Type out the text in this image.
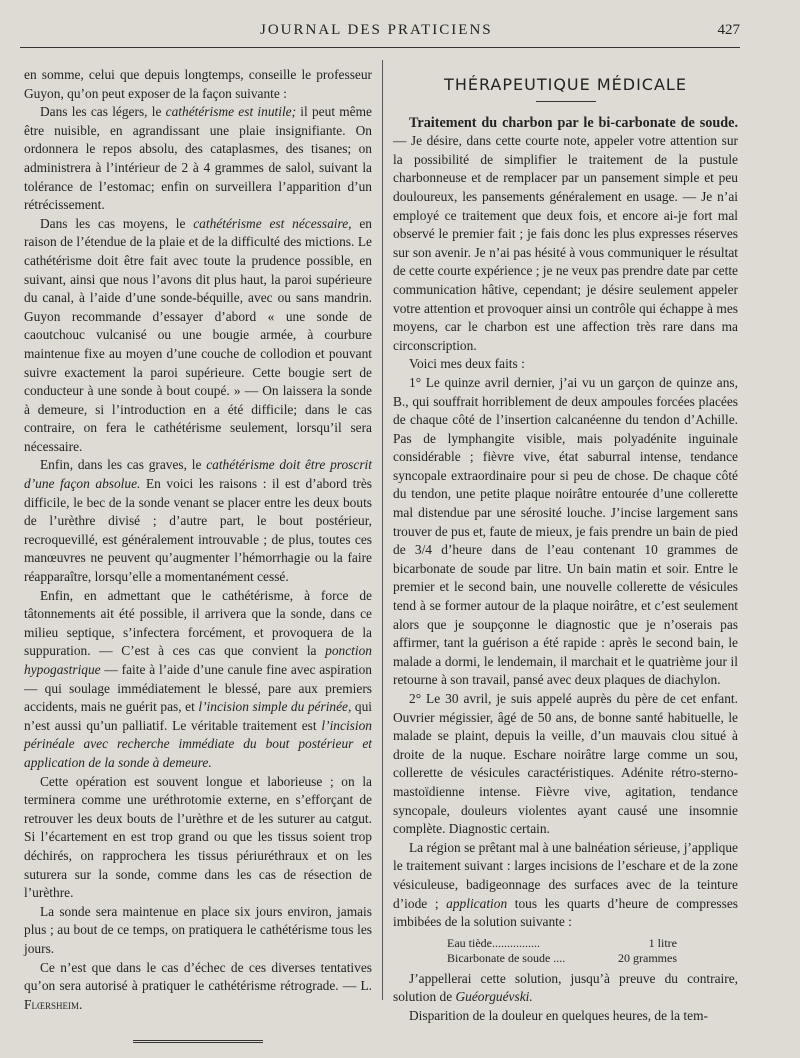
JOURNAL DES PRATICIENS	427

en somme, celui que depuis longtemps, conseille le professeur Guyon, qu’on peut exposer de la façon suivante :

Dans les cas légers, le cathétérisme est inutile; il peut même être nuisible, en agrandissant une plaie insignifiante. On ordonnera le repos absolu, des cataplasmes, des tisanes; on administrera à l’intérieur de 2 à 4 grammes de salol, suivant la tolérance de l’estomac; enfin on surveillera l’apparition d’un rétrécissement.

Dans les cas moyens, le cathétérisme est nécessaire, en raison de l’étendue de la plaie et de la difficulté des mictions. Le cathétérisme doit être fait avec toute la prudence possible, en suivant, ainsi que nous l’avons dit plus haut, la paroi supérieure du canal, à l’aide d’une sonde-béquille, avec ou sans mandrin. Guyon recommande d’essayer d’abord « une sonde de caoutchouc vulcanisé ou une bougie armée, à courbure maintenue fixe au moyen d’une couche de collodion et pouvant suivre exactement la paroi supérieure. Cette bougie sert de conducteur à une sonde à bout coupé. » — On laissera la sonde à demeure, si l’introduction en a été difficile; dans le cas contraire, on fera le cathétérisme seulement, lorsqu’il sera nécessaire.

Enfin, dans les cas graves, le cathétérisme doit être proscrit d’une façon absolue. En voici les raisons : il est d’abord très difficile, le bec de la sonde venant se placer entre les deux bouts de l’urèthre divisé ; d’autre part, le bout postérieur, recroquevillé, est généralement introuvable ; de plus, toutes ces manœuvres ne peuvent qu’augmenter l’hémorrhagie ou la faire réapparaître, lorsqu’elle a momentanément cessé.

Enfin, en admettant que le cathétérisme, à force de tâtonnements ait été possible, il arrivera que la sonde, dans ce milieu septique, s’infectera forcément, et provoquera de la suppuration. — C’est à ces cas que convient la ponction hypogastrique — faite à l’aide d’une canule fine avec aspiration — qui soulage immédiatement le blessé, pare aux premiers accidents, mais ne guérit pas, et l’incision simple du périnée, qui n’est aussi qu’un palliatif. Le véritable traitement est l’incision périnéale avec recherche immédiate du bout postérieur et application de la sonde à demeure.

Cette opération est souvent longue et laborieuse ; on la terminera comme une uréthrotomie externe, en s’efforçant de retrouver les deux bouts de l’urèthre et de les suturer au catgut. Si l’écartement en est trop grand ou que les tissus soient trop déchirés, on rapprochera les tissus périuréthraux et on les suturera sur la sonde, comme dans les cas de résection de l’urèthre.

La sonde sera maintenue en place six jours environ, jamais plus ; au bout de ce temps, on pratiquera le cathétérisme tous les jours.

Ce n’est que dans le cas d’échec de ces diverses tentatives qu’on sera autorisé à pratiquer le cathétérisme rétrograde. — L. Flœrsheim.

THÉRAPEUTIQUE MÉDICALE

Traitement du charbon par le bi-carbonate de soude. — Je désire, dans cette courte note, appeler votre attention sur la possibilité de simplifier le traitement de la pustule charbonneuse et de remplacer par un pansement simple et peu douloureux, les pansements généralement en usage. — Je n’ai employé ce traitement que deux fois, et encore ai-je fort mal observé le premier fait ; je fais donc les plus expresses réserves sur son avenir. Je n’ai pas hésité à vous communiquer le résultat de cette courte expérience ; je ne veux pas prendre date par cette communication hâtive, cependant; je désire seulement appeler votre attention et provoquer ainsi un contrôle qui échappe à mes moyens, car le charbon est une affection très rare dans ma circonscription.

Voici mes deux faits :

1° Le quinze avril dernier, j’ai vu un garçon de quinze ans, B., qui souffrait horriblement de deux ampoules forcées placées de chaque côté de l’insertion calcanéenne du tendon d’Achille. Pas de lymphangite visible, mais polyadénite inguinale considérable ; fièvre vive, état saburral intense, tendance syncopale extraordinaire pour si peu de chose. De chaque côté du tendon, une petite plaque noirâtre entourée d’une collerette mal distendue par une sérosité louche. J’incise largement sans trouver de pus et, faute de mieux, je fais prendre un bain de pied de 3/4 d’heure dans de l’eau contenant 10 grammes de bicarbonate de soude par litre. Un bain matin et soir. Entre le premier et le second bain, une nouvelle collerette de vésicules tend à se former autour de la plaque noirâtre, et c’est seulement alors que je soupçonne le diagnostic que je n’oserais pas affirmer, tant la guérison a été rapide : après le second bain, le malade a dormi, le lendemain, il marchait et le quatrième jour il retourne à son travail, pansé avec deux plaques de diachylon.

2° Le 30 avril, je suis appelé auprès du père de cet enfant. Ouvrier mégissier, âgé de 50 ans, de bonne santé habituelle, le malade se plaint, depuis la veille, d’un mauvais clou situé à droite de la nuque. Eschare noirâtre large comme un sou, collerette de vésicules caractéristiques. Adénite rétro-sterno-mastoïdienne intense. Fièvre vive, agitation, tendance syncopale, douleurs violentes ayant causé une insomnie complète. Diagnostic certain.

La région se prêtant mal à une balnéation sérieuse, j’applique le traitement suivant : larges incisions de l’eschare et de la zone vésiculeuse, badigeonnage des surfaces avec de la teinture d’iode ; application tous les quarts d’heure de compresses imbibées de la solution suivante :

Eau tiède................	1 litre
Bicarbonate de soude ....	20 grammes

J’appellerai cette solution, jusqu’à preuve du contraire, solution de Guéorguévski.

Disparition de la douleur en quelques heures, de la tem-
